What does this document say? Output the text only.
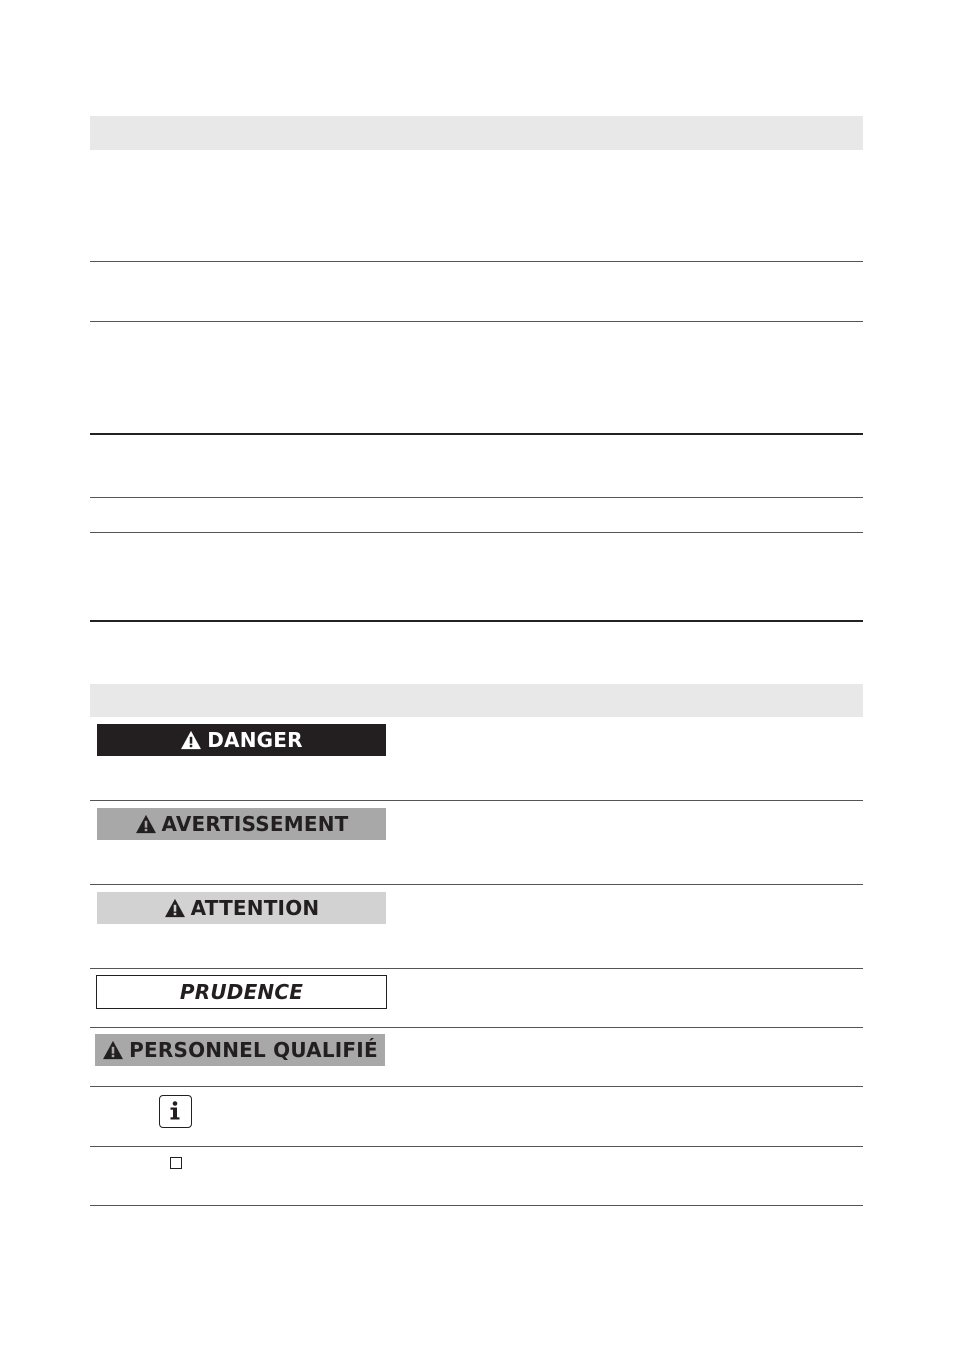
DANGER
AVERTISSEMENT
ATTENTION
PRUDENCE
PERSONNEL QUALIFIÉ
